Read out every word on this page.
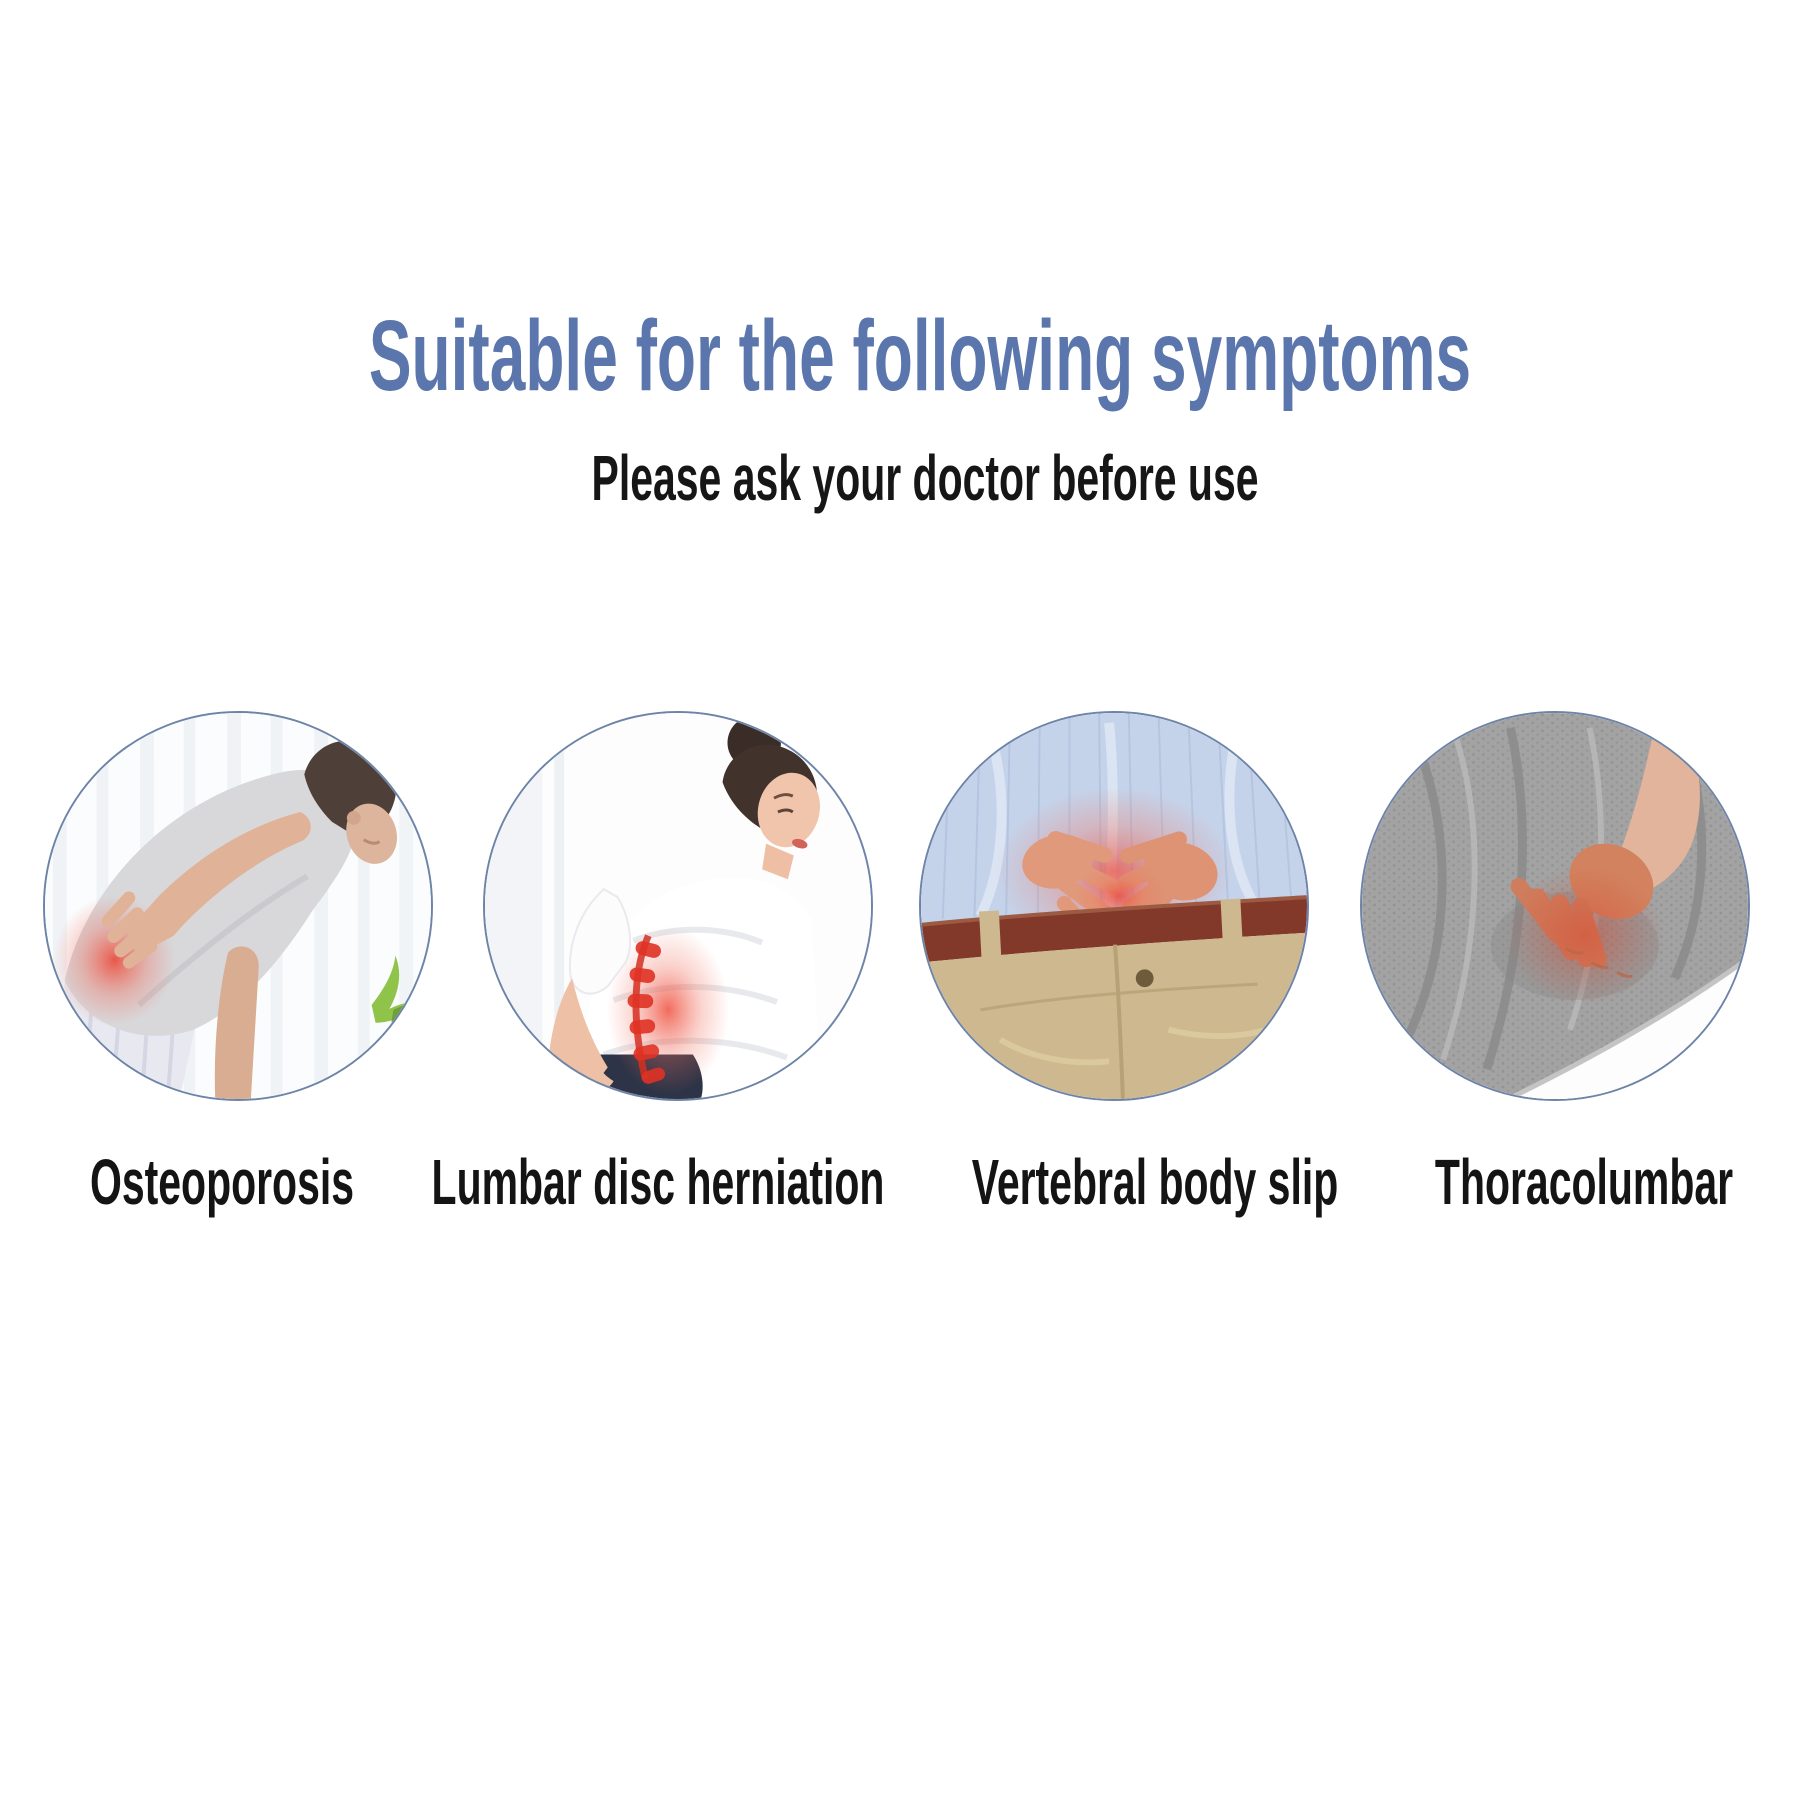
Suitable for the following symptoms
Please ask your doctor before use
Osteoporosis Lumbar disc herniation Vertebral body slip Thoracolumbar
